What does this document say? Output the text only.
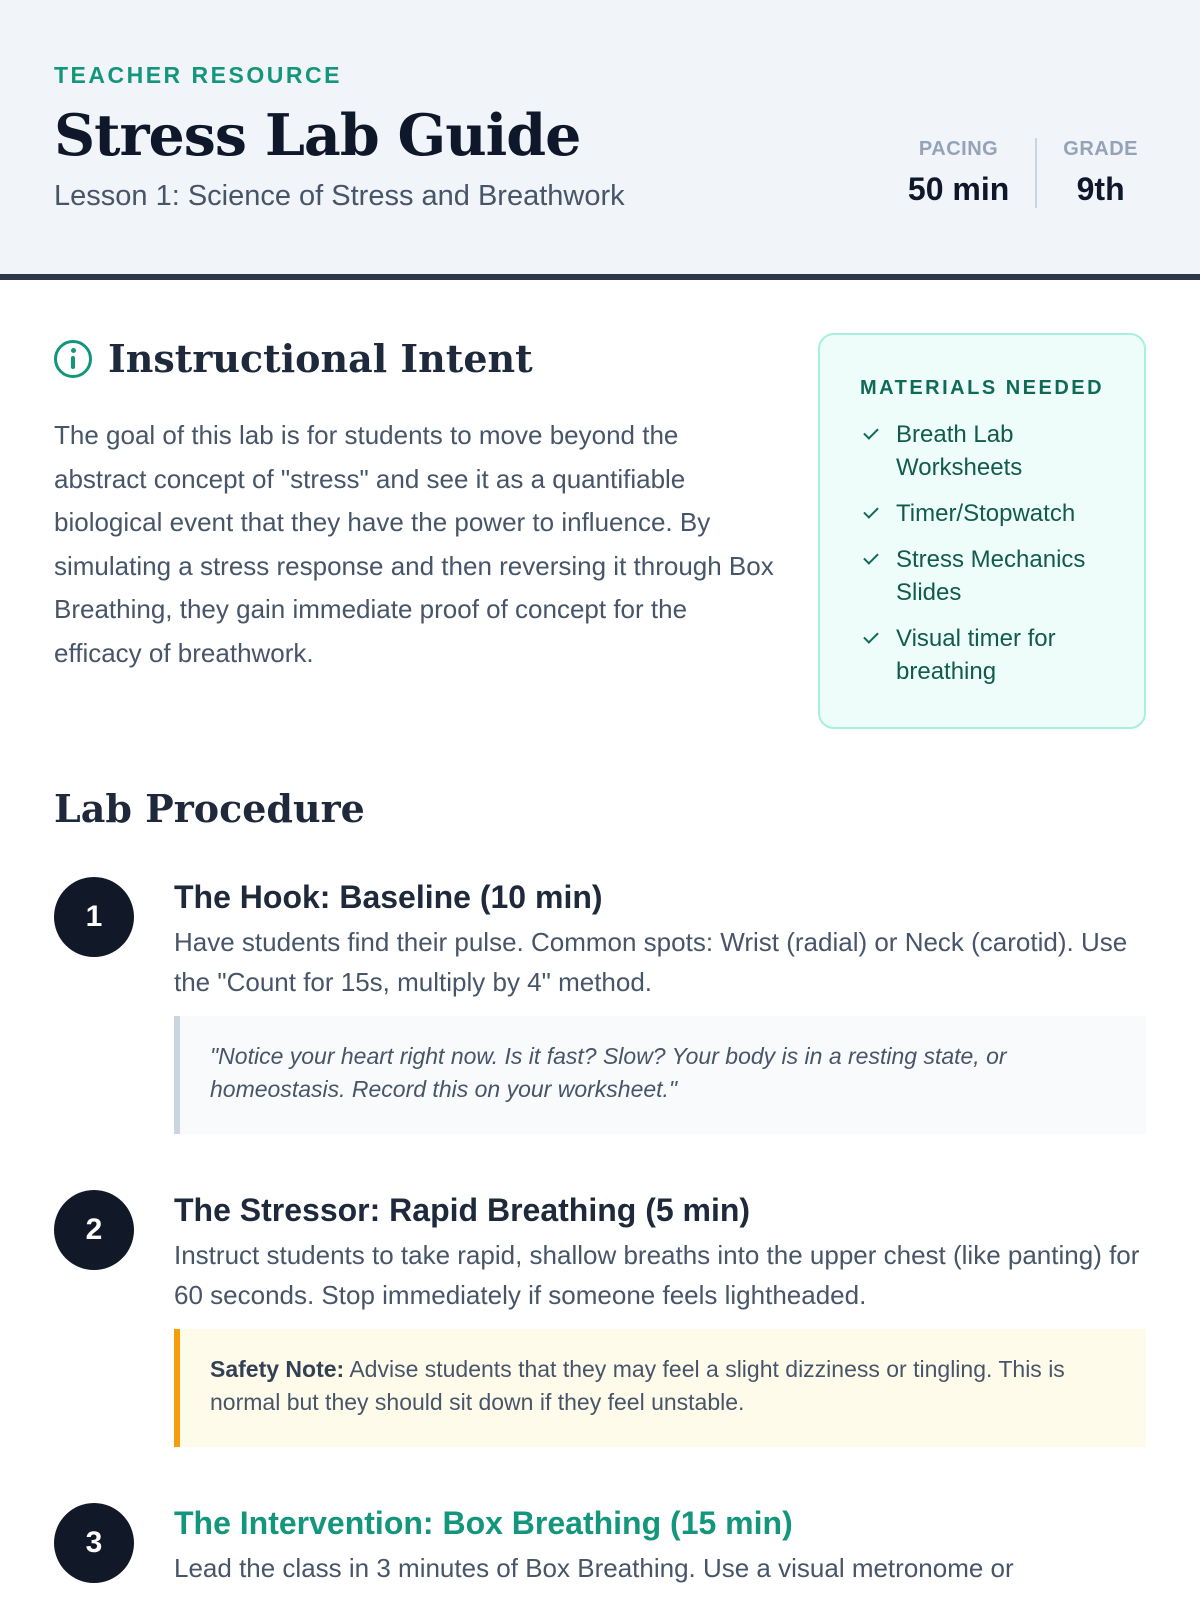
TEACHER RESOURCE
Stress Lab Guide
Lesson 1: Science of Stress and Breathwork
PACING
50 min
GRADE
9th
Instructional Intent

The goal of this lab is for students to move beyond the abstract concept of "stress" and see it as a quantifiable biological event that they have the power to influence. By simulating a stress response and then reversing it through Box Breathing, they gain immediate proof of concept for the efficacy of breathwork.

MATERIALS NEEDED
Breath Lab Worksheets
Timer/Stopwatch
Stress Mechanics Slides
Visual timer for breathing
Lab Procedure
1
The Hook: Baseline (10 min)

Have students find their pulse. Common spots: Wrist (radial) or Neck (carotid). Use the "Count for 15s, multiply by 4" method.

"Notice your heart right now. Is it fast? Slow? Your body is in a resting state, or homeostasis. Record this on your worksheet."
2
The Stressor: Rapid Breathing (5 min)

Instruct students to take rapid, shallow breaths into the upper chest (like panting) for 60 seconds. Stop immediately if someone feels lightheaded.

Safety Note: Advise students that they may feel a slight dizziness or tingling. This is normal but they should sit down if they feel unstable.
3
The Intervention: Box Breathing (15 min)

Lead the class in 3 minutes of Box Breathing. Use a visual metronome or
